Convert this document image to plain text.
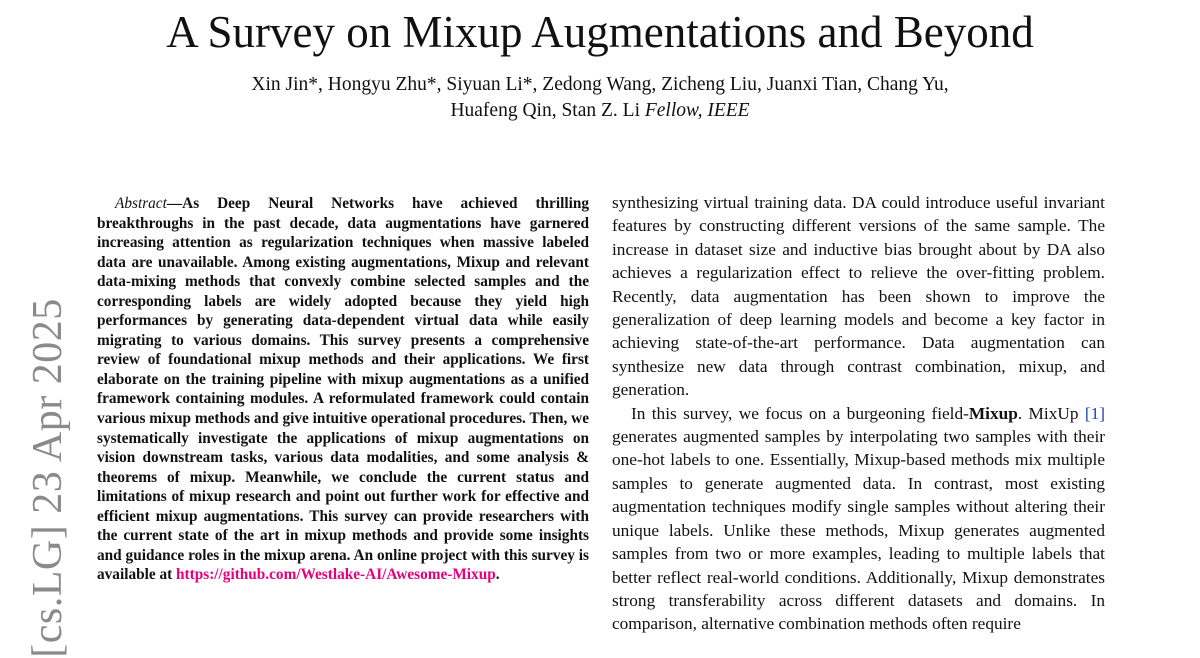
A Survey on Mixup Augmentations and Beyond
Xin Jin*, Hongyu Zhu*, Siyuan Li*, Zedong Wang, Zicheng Liu, Juanxi Tian, Chang Yu,
Huafeng Qin, Stan Z. Li Fellow, IEEE
[cs.LG] 23 Apr 2025
Abstract—As Deep Neural Networks have achieved thrilling breakthroughs in the past decade, data augmentations have garnered increasing attention as regularization techniques when massive labeled data are unavailable. Among existing augmentations, Mixup and relevant data-mixing methods that convexly combine selected samples and the corresponding labels are widely adopted because they yield high performances by generating data-dependent virtual data while easily migrating to various domains. This survey presents a comprehensive review of foundational mixup methods and their applications. We first elaborate on the training pipeline with mixup augmentations as a unified framework containing modules. A reformulated framework could contain various mixup methods and give intuitive operational procedures. Then, we systematically investigate the applications of mixup augmentations on vision downstream tasks, various data modalities, and some analysis & theorems of mixup. Meanwhile, we conclude the current status and limitations of mixup research and point out further work for effective and efficient mixup augmentations. This survey can provide researchers with the current state of the art in mixup methods and provide some insights and guidance roles in the mixup arena. An online project with this survey is available at https://github.com/Westlake-AI/Awesome-Mixup.

synthesizing virtual training data. DA could introduce useful invariant features by constructing different versions of the same sample. The increase in dataset size and inductive bias brought about by DA also achieves a regularization effect to relieve the over-fitting problem. Recently, data augmentation has been shown to improve the generalization of deep learning models and become a key factor in achieving state-of-the-art performance. Data augmentation can synthesize new data through contrast combination, mixup, and generation.

In this survey, we focus on a burgeoning field-Mixup. MixUp [1] generates augmented samples by interpolating two samples with their one-hot labels to one. Essentially, Mixup-based methods mix multiple samples to generate augmented data. In contrast, most existing augmentation techniques modify single samples without altering their unique labels. Unlike these methods, Mixup generates augmented samples from two or more examples, leading to multiple labels that better reflect real-world conditions. Additionally, Mixup demonstrates strong transferability across different datasets and domains. In comparison, alternative combination methods often require
